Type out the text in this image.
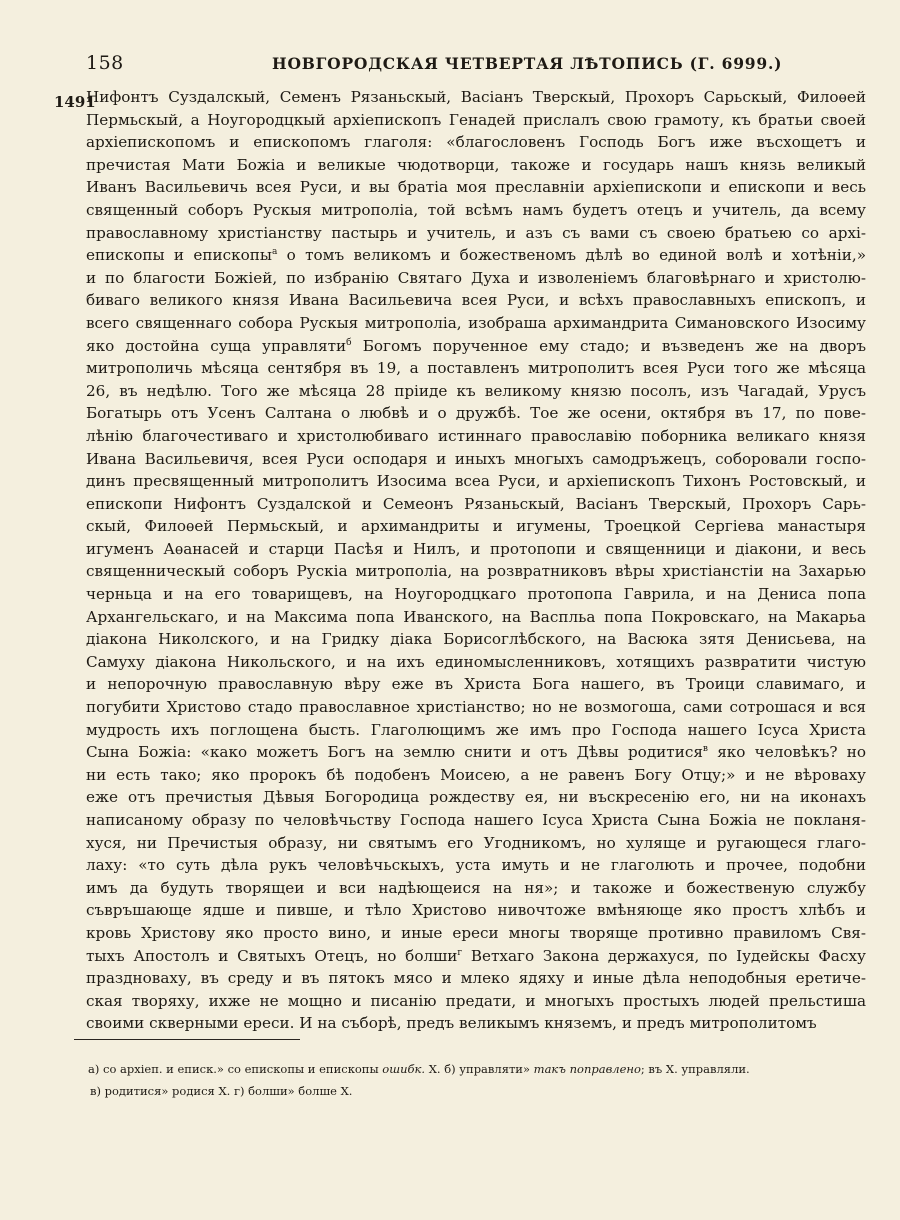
158	НОВГОРОДСКАЯ ЧЕТВЕРТАЯ ЛѢТОПИСЬ (Г. 6999.)
1491
Нифонтъ Суздалскый, Семенъ Рязаньскый, Васіанъ Тверскый, Прохоръ Сарьскый, Филоѳей
Пермьскый, а Ноугородцкый архіепископъ Генадей прислалъ свою грамоту, къ братьи своей
архіепископомъ и епископомъ глаголя: «благословенъ Господь Богъ иже въсхощетъ и
пречистая Мати Божіа и великые чюдотворци, такоже и государь нашъ князь великый
Иванъ Васильевичь всея Руси, и вы братіа моя преславніи архіепископи и епископи и весь
священный соборъ Рускыя митрополіа, той всѣмъ намъ будетъ отецъ и учитель, да всему
православному христіанству пастырь и учитель, и азъ съ вами съ своею братьею со архі-
епископы и епископы$^а$ о томъ великомъ и божественомъ дѣлѣ во единой волѣ и хотѣніи,»
и по благости Божіей, по избранію Святаго Духа и изволеніемъ благовѣрнаго и христолю-
биваго великого князя Ивана Васильевича всея Руси, и всѣхъ православныхъ епископъ, и
всего священнаго собора Рускыя митрополіа, изобраша архимандрита Симановского Изосиму
яко достойна суща управляти$^б$ Богомъ порученное ему стадо; и възведенъ же на дворъ
митрополичь мѣсяца сентября въ 19, а поставленъ митрополитъ всея Руси того же мѣсяца
26, въ недѣлю. Того же мѣсяца 28 пріиде къ великому князю посолъ, изъ Чагадай, Урусъ
Богатырь отъ Усенъ Салтана о любвѣ и о дружбѣ. Тое же осени, октября въ 17, по пове-
лѣнію благочестиваго и христолюбиваго истиннаго православію поборника великаго князя
Ивана Васильевичя, всея Руси осподаря и иныхъ многыхъ самодръжецъ, соборовали госпо-
динъ пресвященный митрополитъ Изосима всеа Руси, и архіепископъ Тихонъ Ростовскый, и
епископи Нифонтъ Суздалской и Семеонъ Рязаньскый, Васіанъ Тверскый, Прохоръ Сарь-
скый, Филоѳей Пермьскый, и архимандриты и игумены, Троецкой Сергіева манастыря
игуменъ Аѳанасей и старци Пасѣя и Нилъ, и протопопи и священници и діакони, и весь
священническый соборъ Рускіа митрополіа, на розвратниковъ вѣры христіанстіи на Захарью
черньца и на его товарищевъ, на Ноугородцкаго протопопа Гаврила, и на Дениса попа
Архангельскаго, и на Максима попа Иванского, на Васпльа попа Покровскаго, на Макарьа
діакона Николского, и на Гридку діака Борисоглѣбского, на Васюка зятя Денисьева, на
Самуху діакона Никольского, и на ихъ единомысленниковъ, хотящихъ развратити чистую
и непорочную православную вѣру еже въ Христа Бога нашего, въ Троици славимаго, и
погубити Христово стадо православное христіанство; но не возмогоша, сами сотрошася и вся
мудрость ихъ поглощена бысть. Глаголющимъ же имъ про Господа нашего Ісуса Христа
Сына Божіа: «како можетъ Богъ на землю снити и отъ Дѣвы родитися$^в$ яко человѣкъ? но
ни есть тако; яко пророкъ бѣ подобенъ Моисею, а не равенъ Богу Отцу;» и не вѣроваху
еже отъ пречистыя Дѣвыя Богородица рождеству ея, ни въскресенію его, ни на иконахъ
написаному образу по человѣчьству Господа нашего Ісуса Христа Сына Божіа не покланя-
хуся, ни Пречистыя образу, ни святымъ его Угодникомъ, но хуляще и ругающеся глаго-
лаху: «то суть дѣла рукъ человѣчьскыхъ, уста имуть и не глаголють и прочее, подобни
имъ да будуть творящеи и вси надѣющеися на ня»; и такоже и божественую службу
съвръшающе ядше и пивше, и тѣло Христово нивочтоже вмѣняюще яко простъ хлѣбъ и
кровь Христову яко просто вино, и иные ереси многы творяще противно правиломъ Свя-
тыхъ Апостолъ и Святыхъ Отецъ, но болши$^г$ Ветхаго Закона держахуся, по Іудейскы Фасху
праздноваху, въ среду и въ пятокъ мясо и млеко ядяху и иные дѣла неподобныя еретиче-
ская творяху, ихже не мощно и писанію предати, и многыхъ простыхъ людей прельстиша
своими скверными ереси. И на съборѣ, предъ великымъ княземъ, и предъ митрополитомъ
а) со архіеп. и еписк.» со епископы и епископы ошибк. Х. б) управляти» такъ поправлено; въ Х. управляли.
в) родитися» родися Х. г) болши» болше Х.
